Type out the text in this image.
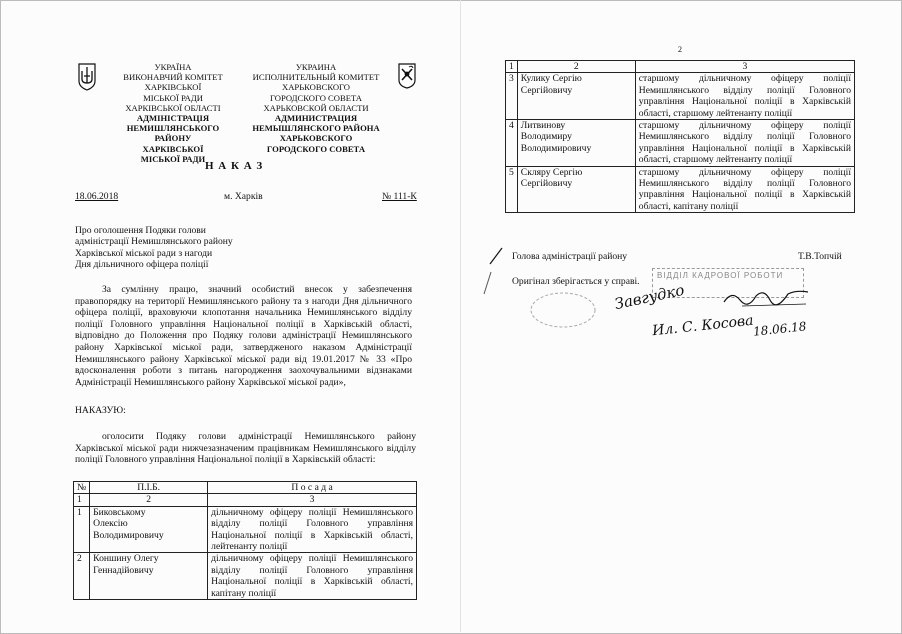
УКРАЇНА
ВИКОНАВЧИЙ КОМІТЕТ
ХАРКІВСЬКОЇ
МІСЬКОЇ РАДИ
ХАРКІВСЬКОЇ ОБЛАСТІ
АДМІНІСТРАЦІЯ
НЕМИШЛЯНСЬКОГО РАЙОНУ
ХАРКІВСЬКОЇ
МІСЬКОЇ РАДИ
УКРАИНА
ИСПОЛНИТЕЛЬНЫЙ КОМИТЕТ
ХАРЬКОВСКОГО
ГОРОДСКОГО СОВЕТА
ХАРЬКОВСКОЙ ОБЛАСТИ
АДМИНИСТРАЦИЯ
НЕМЫШЛЯНСКОГО РАЙОНА
ХАРЬКОВСКОГО
ГОРОДСКОГО СОВЕТА
Н А К А З
18.06.2018	м. Харків	№ 111-К
Про оголошення Подяки голови
адміністрації Немишлянського району
Харківської міської ради з нагоди
Дня дільничного офіцера поліції
За сумлінну працю, значний особистий внесок у забезпечення правопорядку на території Немишлянського району та з нагоди Дня дільничного офіцера поліції, враховуючи клопотання начальника Немишлянського відділу поліції Головного управління Національної поліції в Харківській області, відповідно до Положення про Подяку голови адміністрації Немишлянського району Харківської міської ради, затвердженого наказом Адміністрації Немишлянського району Харківської міської ради від 19.01.2017 № 33 «Про вдосконалення роботи з питань нагородження заохочувальними відзнаками Адміністрації Немишлянського району Харківської міської ради»,
НАКАЗУЮ:
оголосити Подяку голови адміністрації Немишлянського району Харківської міської ради нижчезазначеним працівникам Немишлянського відділу поліції Головного управління Національної поліції в Харківській області:
№	П.І.Б.	П о с а д а
1	2	3
1	Биковському
Олексію
Володимировичу	дільничному офіцеру поліції Немишлянського відділу поліції Головного управління Національної поліції в Харківській області, лейтенанту поліції
2	Коншину Олегу
Геннадійовичу	дільничному офіцеру поліції Немишлянського відділу поліції Головного управління Національної поліції в Харківській області, капітану поліції
2
1	2	3
3	Кулику Сергію
Сергійовичу	старшому дільничному офіцеру поліції Немишлянського відділу поліції Головного управління Національної поліції в Харківській області, старшому лейтенанту поліції
4	Литвинову
Володимиру
Володимировичу	старшому дільничному офіцеру поліції Немишлянського відділу поліції Головного управління Національної поліції в Харківській області, старшому лейтенанту поліції
5	Скляру Сергію
Сергійовичу	старшому дільничному офіцеру поліції Немишлянського відділу поліції Головного управління Національної поліції в Харківській області, капітану поліції
Голова адміністрації району	Т.В.Топчій
Оригінал зберігається у справі.
ВІДДІЛ КАДРОВОЇ РОБОТИ
Завгудко
Ил. С. Косова
18.06.18
